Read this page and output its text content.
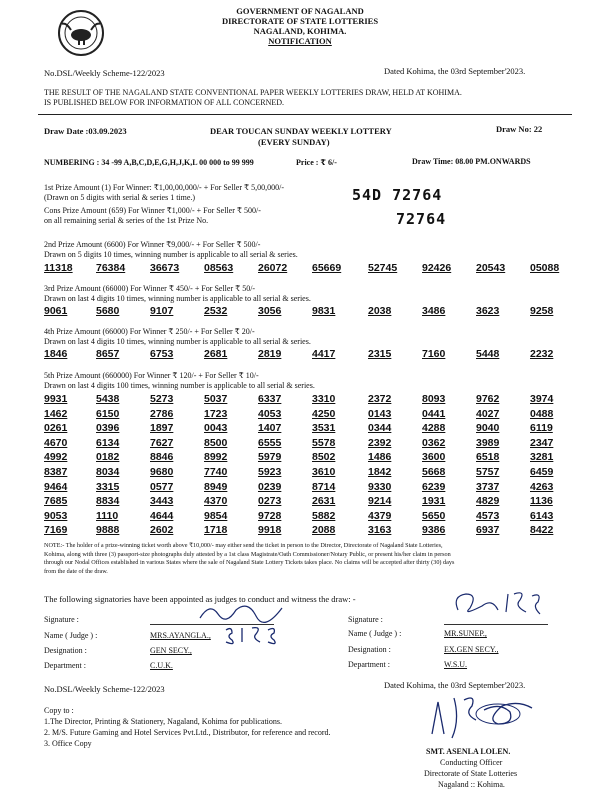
GOVERNMENT OF NAGALAND
DIRECTORATE OF STATE LOTTERIES
NAGALAND, KOHIMA.
NOTIFICATION
No.DSL/Weekly Scheme-122/2023	Dated Kohima, the 03rd September'2023.
THE RESULT OF THE NAGALAND STATE CONVENTIONAL PAPER WEEKLY LOTTERIES DRAW, HELD AT KOHIMA.
IS PUBLISHED BELOW FOR INFORMATION OF ALL CONCERNED.
Draw Date :03.09.2023	DEAR TOUCAN SUNDAY WEEKLY LOTTERY
(EVERY SUNDAY)
Draw No: 22
NUMBERING : 34 -99 A,B,C,D,E,G,H,J,K,L 00 000 to 99 999	Price : ₹ 6/-	Draw Time: 08.00 PM.ONWARDS
1st Prize Amount (1) For Winner: ₹1,00,00,000/- + For Seller ₹ 5,00,000/-
(Drawn on 5 digits with serial & series 1 time.)	54D 72764
Cons Prize Amount (659) For Winner ₹1,000/- + For Seller ₹ 500/-
on all remaining serial & series of the 1st Prize No.	72764
2nd Prize Amount (6600) For Winner ₹9,000/- + For Seller ₹ 500/-
Drawn on 5 digits 10 times, winning number is applicable to all serial & series.
11318 76384 36673 08563 26072 65669	52745 92426 20543 05088
3rd Prize Amount (66000) For Winner ₹ 450/- + For Seller ₹ 50/-
Drawn on last 4 digits 10 times, winning number is applicable to all serial & series.
9061	5680	9107	2532	3056	9831	2038	3486	3623	9258
4th Prize Amount (66000) For Winner ₹ 250/- + For Seller ₹ 20/-
Drawn on last 4 digits 10 times, winning number is applicable to all serial & series.
1846	8657	6753	2681	2819	4417	2315	7160	5448	2232
5th Prize Amount (660000) For Winner ₹ 120/- + For Seller ₹ 10/-
Drawn on last 4 digits 100 times, winning number is applicable to all serial & series.
9931	5438	5273	5037	6337	3310	2372	8093	9762	3974
1462	6150	2786	1723	4053	4250	0143	0441	4027	0488
0261	0396	1897	0043	1407	3531	0344	4288	9040	6119
4670	6134	7627	8500	6555	5578	2392	0362	3989	2347
4992	0182	8846	8992	5979	8502	1486	3600	6518	3281
8387	8034	9680	7740	5923	3610	1842	5668	5757	6459
9464	3315	0577	8949	0239	8714	9330	6239	3737	4263
7685	8834	3443	4370	0273	2631	9214	1931	4829	1136
9053	1110	4644	9854	9728	5882	4379	5650	4573	6143
7169	9888	2602	1718	9918	2088	3163	9386	6937	8422
NOTE:- The holder of a prize-winning ticket worth above ₹10,000/- may either send the ticket in person to the Director, Directorate of Nagaland State Lotteries,
Kohima, along with three (3) passport-size photographs duly attested by a 1st class Magistrate/Oath Commissioner/Notary Public, or present his/her claim in person
through our Nodal Offices established in various States where the sale of Nagaland State Lottery Tickets takes place. No claims will be accepted after thirty (30) days
from the date of the draw.
The following signatories have been appointed as judges to conduct and witness the draw: -
Signature :
Name ( Judge ) :	MRS.AYANGLA.,
Designation :	GEN SECY.,
Department :	C.U.K.
Signature :
Name ( Judge ) :	MR.SUNEP.,
Designation :	EX.GEN SECY.,
Department :	W.S.U.
No.DSL/Weekly Scheme-122/2023	Dated Kohima, the 03rd September'2023.
Copy to :
1.The Director, Printing & Stationery, Nagaland, Kohima for publications.
2. M/S. Future Gaming and Hotel Services Pvt.Ltd., Distributor, for reference and record.
3. Office Copy
SMT. ASENLA LOLEN.
Conducting Officer
Directorate of State Lotteries
Nagaland :: Kohima.
